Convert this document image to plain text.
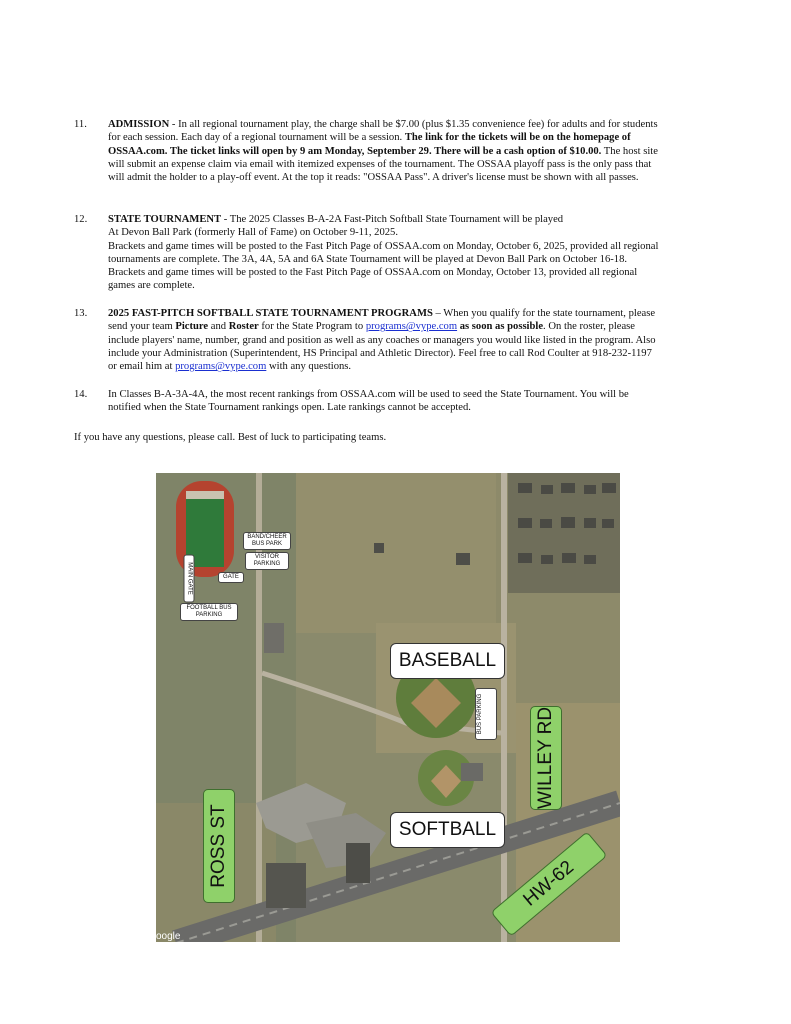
11.	ADMISSION - In all regional tournament play, the charge shall be $7.00 (plus $1.35 convenience fee) for adults and for students for each session. Each day of a regional tournament will be a session. The link for the tickets will be on the homepage of OSSAA.com. The ticket links will open by 9 am Monday, September 29. There will be a cash option of $10.00. The host site will submit an expense claim via email with itemized expenses of the tournament. The OSSAA playoff pass is the only pass that will admit the holder to a play-off event. At the top it reads: "OSSAA Pass". A driver's license must be shown with all passes.

12.	STATE TOURNAMENT - The 2025 Classes B-A-2A Fast-Pitch Softball State Tournament will be played

At Devon Ball Park (formerly Hall of Fame) on October 9-11, 2025.

Brackets and game times will be posted to the Fast Pitch Page of OSSAA.com on Monday, October 6, 2025, provided all regional tournaments are complete. The 3A, 4A, 5A and 6A State Tournament will be played at Devon Ball Park on October 16-18. Brackets and game times will be posted to the Fast Pitch Page of OSSAA.com on Monday, October 13, provided all regional games are complete.

13.	2025 FAST-PITCH SOFTBALL STATE TOURNAMENT PROGRAMS – When you qualify for the state tournament, please send your team Picture and Roster for the State Program to programs@vype.com as soon as possible. On the roster, please include players' name, number, grand and position as well as any coaches or managers you would like listed in the program. Also include your Administration (Superintendent, HS Principal and Athletic Director). Feel free to call Rod Coulter at 918-232-1197 or email him at programs@vype.com with any questions.

14.	In Classes B-A-3A-4A, the most recent rankings from OSSAA.com will be used to seed the State Tournament. You will be notified when the State Tournament rankings open. Late rankings cannot be accepted.

If you have any questions, please call. Best of luck to participating teams.
BAND/CHEER BUS PARK
VISITOR PARKING
MAIN GATE	GATE
FOOTBALL BUS PARKING
BASEBALL
BUS PARKING
SOFTBALL
WILLEY RD
ROSS ST	HW-62
oogle
